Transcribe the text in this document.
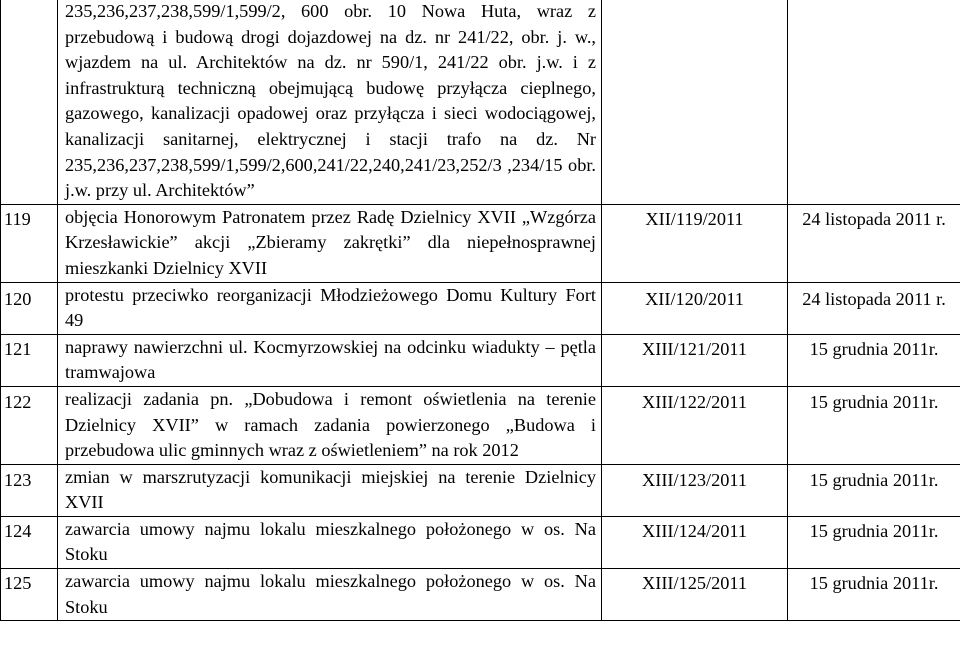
	235,236,237,238,599/1,599/2, 600 obr. 10 Nowa Huta, wraz z przebudową i budową drogi dojazdowej na dz. nr 241/22, obr. j. w., wjazdem na ul. Architektów na dz. nr 590/1, 241/22 obr. j.w. i z infrastrukturą techniczną obejmującą budowę przyłącza cieplnego, gazowego, kanalizacji opadowej oraz przyłącza i sieci wodociągowej, kanalizacji sanitarnej, elektrycznej i stacji trafo na dz. Nr 235,236,237,238,599/1,599/2,600,241/22,240,241/23,252/3 ,234/15 obr. j.w. przy ul. Architektów”		
119	objęcia Honorowym Patronatem przez Radę Dzielnicy XVII „Wzgórza Krzesławickie” akcji „Zbieramy zakrętki” dla niepełnosprawnej mieszkanki Dzielnicy XVII	XII/119/2011	24 listopada 2011 r.
120	protestu przeciwko reorganizacji Młodzieżowego Domu Kultury Fort 49	XII/120/2011	24 listopada 2011 r.
121	naprawy nawierzchni ul. Kocmyrzowskiej na odcinku wiadukty – pętla tramwajowa	XIII/121/2011	15 grudnia 2011r.
122	realizacji zadania pn. „Dobudowa i remont oświetlenia na terenie Dzielnicy XVII” w ramach zadania powierzonego „Budowa i przebudowa ulic gminnych wraz z oświetleniem” na rok 2012	XIII/122/2011	15 grudnia 2011r.
123	zmian w marszrutyzacji komunikacji miejskiej na terenie Dzielnicy XVII	XIII/123/2011	15 grudnia 2011r.
124	zawarcia umowy najmu lokalu mieszkalnego położonego w os. Na Stoku	XIII/124/2011	15 grudnia 2011r.
125	zawarcia umowy najmu lokalu mieszkalnego położonego w os. Na Stoku	XIII/125/2011	15 grudnia 2011r.
